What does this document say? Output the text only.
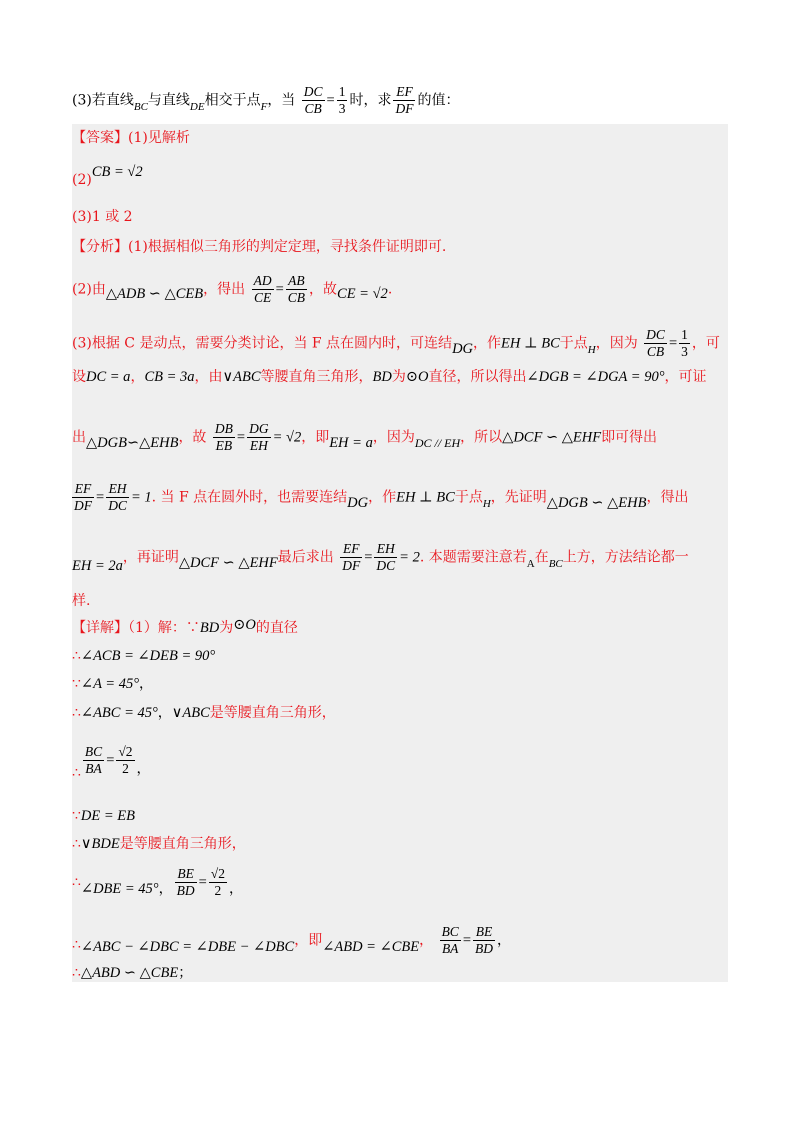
(3)若直线$_{BC}$与直线$_{DE}$相交于点$_F$，当 $\frac{DC}{CB} = \frac{1}{3}$ 时，求 $\frac{EF}{DF}$ 的值：
【答案】(1)见解析
(2)CB = √2
(3)1 或 2
【分析】(1)根据相似三角形的判定定理，寻找条件证明即可.
(2)由△ADB ∽ △CEB，得出 $\frac{AD}{CE} = \frac{AB}{CB}$ ，故CE = √2.
(3)根据 C 是动点，需要分类讨论，当 F 点在圆内时，可连结DG，作EH ⊥ BC于点$_H$，因为 $\frac{DC}{CB} = \frac{1}{3}$ ，可
设DC = a，CB = 3a，由∨ABC等腰直角三角形，BD为⊙O直径，所以得出∠DGB = ∠DGA = 90°，可证
出△DGB∽△EHB，故 $\frac{DB}{EB} = \frac{DG}{EH} = √2$，即EH = a，因为DC // EH，所以△DCF ∽ △EHF即可得出
$\frac{EF}{DF} = \frac{EH}{DC} = 1$. 当 F 点在圆外时，也需要连结DG，作EH ⊥ BC于点$_H$，先证明△DGB ∽ △EHB，得出
EH = 2a，再证明△DCF ∽ △EHF最后求出 $\frac{EF}{DF} = \frac{EH}{DC} = 2$. 本题需要注意若$_A$在$_{BC}$上方，方法结论都一
样.
【详解】（1）解：∵BD为⊙O的直径
∴∠ACB = ∠DEB = 90°
∵∠A = 45°，
∴∠ABC = 45°，∨ABC是等腰直角三角形，
∴ $\frac{BC}{BA} = \frac{√2}{2}$ ，
∵DE = EB
∴∨BDE是等腰直角三角形，
∴∠DBE = 45°， $\frac{BE}{BD} = \frac{√2}{2}$ ，
∴∠ABC − ∠DBC = ∠DBE − ∠DBC，即∠ABD = ∠CBE， $\frac{BC}{BA} = \frac{BE}{BD}$ ，
∴△ABD ∽ △CBE；
